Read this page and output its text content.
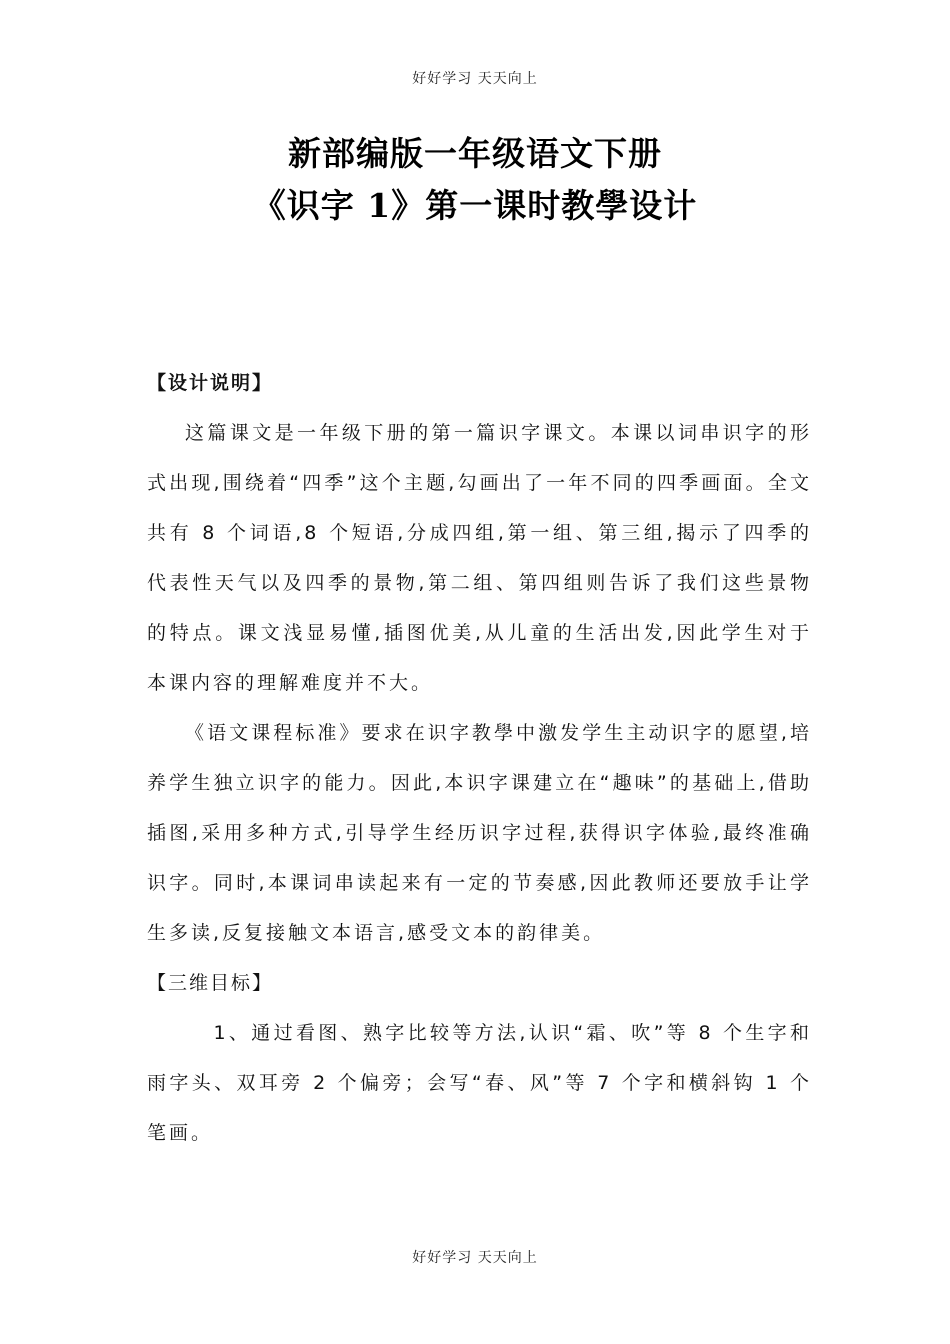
好好学习 天天向上
新部编版一年级语文下册
《识字 1》第一课时教學设计
【设计说明】

这篇课文是一年级下册的第一篇识字课文。本课以词串识字的形式出现,围绕着“四季”这个主题,勾画出了一年不同的四季画面。全文共有 8 个词语,8 个短语,分成四组,第一组、第三组,揭示了四季的代表性天气以及四季的景物,第二组、第四组则告诉了我们这些景物的特点。课文浅显易懂,插图优美,从儿童的生活出发,因此学生对于本课内容的理解难度并不大。

《语文课程标准》要求在识字教學中激发学生主动识字的愿望,培养学生独立识字的能力。因此,本识字课建立在“趣味”的基础上,借助插图,采用多种方式,引导学生经历识字过程,获得识字体验,最终准确识字。同时,本课词串读起来有一定的节奏感,因此教师还要放手让学生多读,反复接触文本语言,感受文本的韵律美。

【三维目标】

1、通过看图、熟字比较等方法,认识“霜、吹”等 8 个生字和雨字头、双耳旁 2 个偏旁；会写“春、风”等 7 个字和横斜钩 1 个笔画。

好好学习 天天向上
